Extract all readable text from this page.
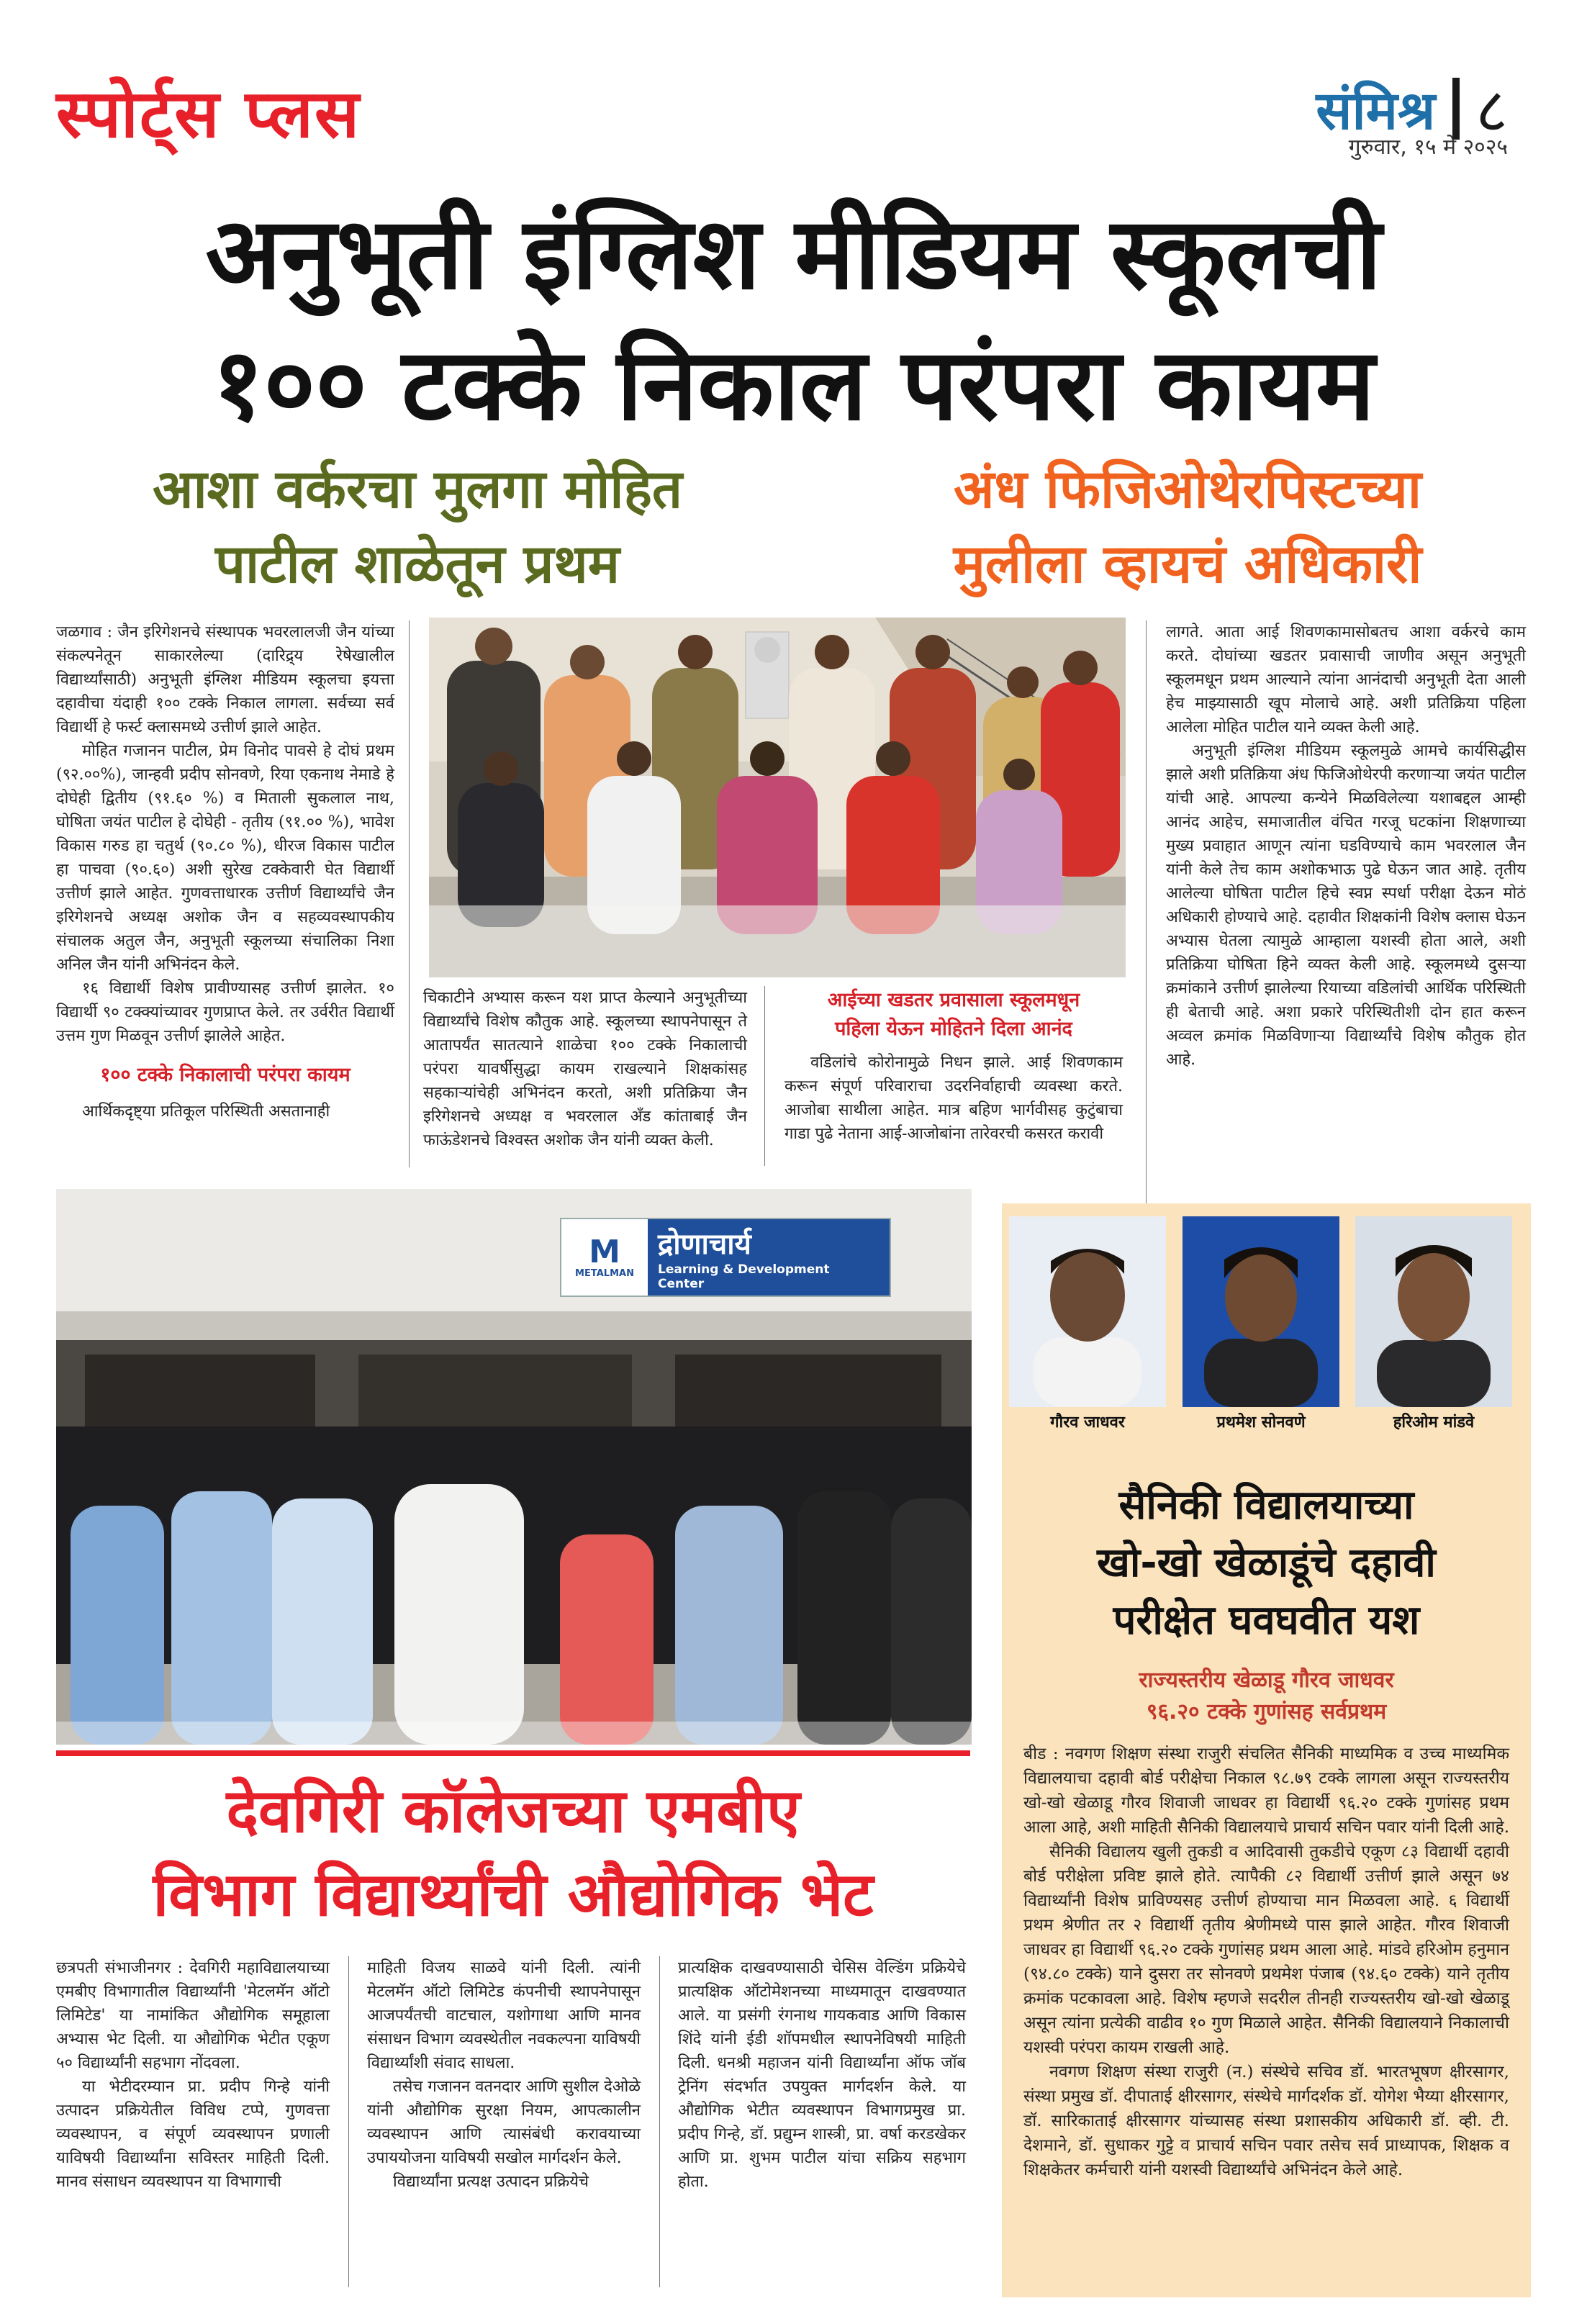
स्पोर्ट्स प्लस	संमिश्र ८
गुरुवार, १५ मे २०२५
अनुभूती इंग्लिश मीडियम स्कूलची
१०० टक्के निकाल परंपरा कायम
आशा वर्करचा मुलगा मोहित
पाटील शाळेतून प्रथम
अंध फिजिओथेरपिस्टच्या
मुलीला व्हायचं अधिकारी

जळगाव : जैन इरिगेशनचे संस्थापक भवरलालजी जैन यांच्या संकल्पनेतून साकारलेल्या (दारिद्र्य रेषेखालील विद्यार्थ्यांसाठी) अनुभूती इंग्लिश मीडियम स्कूलचा इयत्ता दहावीचा यंदाही १०० टक्के निकाल लागला. सर्वच्या सर्व विद्यार्थी हे फर्स्ट क्लासमध्ये उत्तीर्ण झाले आहेत.

मोहित गजानन पाटील, प्रेम विनोद पावसे हे दोघं प्रथम (९२.००%), जान्हवी प्रदीप सोनवणे, रिया एकनाथ नेमाडे हे दोघेही द्वितीय (९१.६० %) व मिताली सुकलाल नाथ, घोषिता जयंत पाटील हे दोघेही - तृतीय (९१.०० %), भावेश विकास गरुड हा चतुर्थ (९०.८० %), धीरज विकास पाटील हा पाचवा (९०.६०) अशी सुरेख टक्केवारी घेत विद्यार्थी उत्तीर्ण झाले आहेत. गुणवत्ताधारक उत्तीर्ण विद्यार्थ्यांचे जैन इरिगेशनचे अध्यक्ष अशोक जैन व सहव्यवस्थापकीय संचालक अतुल जैन, अनुभूती स्कूलच्या संचालिका निशा अनिल जैन यांनी अभिनंदन केले.

१६ विद्यार्थी विशेष प्रावीण्यासह उत्तीर्ण झालेत. १० विद्यार्थी ९० टक्क्यांच्यावर गुणप्राप्त केले. तर उर्वरीत विद्यार्थी उत्तम गुण मिळवून उत्तीर्ण झालेले आहेत.

१०० टक्के निकालाची परंपरा कायम

आर्थिकदृष्ट्या प्रतिकूल परिस्थिती असतानाही

चिकाटीने अभ्यास करून यश प्राप्त केल्याने अनुभूतीच्या विद्यार्थ्यांचे विशेष कौतुक आहे. स्कूलच्या स्थापनेपासून ते आतापर्यंत सातत्याने शाळेचा १०० टक्के निकालाची परंपरा यावर्षीसुद्धा कायम राखल्याने शिक्षकांसह सहकाऱ्यांचेही अभिनंदन करतो, अशी प्रतिक्रिया जैन इरिगेशनचे अध्यक्ष व भवरलाल अँड कांताबाई जैन फाऊंडेशनचे विश्वस्त अशोक जैन यांनी व्यक्त केली.

आईच्या खडतर प्रवासाला स्कूलमधून
पहिला येऊन मोहितने दिला आनंद

वडिलांचे कोरोनामुळे निधन झाले. आई शिवणकाम करून संपूर्ण परिवाराचा उदरनिर्वाहाची व्यवस्था करते. आजोबा साथीला आहेत. मात्र बहिण भार्गवीसह कुटुंबाचा गाडा पुढे नेताना आई-आजोबांना तारेवरची कसरत करावी

लागते. आता आई शिवणकामासोबतच आशा वर्करचे काम करते. दोघांच्या खडतर प्रवासाची जाणीव असून अनुभूती स्कूलमधून प्रथम आल्याने त्यांना आनंदाची अनुभूती देता आली हेच माझ्यासाठी खूप मोलाचे आहे. अशी प्रतिक्रिया पहिला आलेला मोहित पाटील याने व्यक्त केली आहे.

अनुभूती इंग्लिश मीडियम स्कूलमुळे आमचे कार्यसिद्धीस झाले अशी प्रतिक्रिया अंध फिजिओथेरपी करणाऱ्या जयंत पाटील यांची आहे. आपल्या कन्येने मिळविलेल्या यशाबद्दल आम्ही आनंद आहेच, समाजातील वंचित गरजू घटकांना शिक्षणाच्या मुख्य प्रवाहात आणून त्यांना घडविण्याचे काम भवरलाल जैन यांनी केले तेच काम अशोकभाऊ पुढे घेऊन जात आहे. तृतीय आलेल्या घोषिता पाटील हिचे स्वप्न स्पर्धा परीक्षा देऊन मोठं अधिकारी होण्याचे आहे. दहावीत शिक्षकांनी विशेष क्लास घेऊन अभ्यास घेतला त्यामुळे आम्हाला यशस्वी होता आले, अशी प्रतिक्रिया घोषिता हिने व्यक्त केली आहे. स्कूलमध्ये दुसऱ्या क्रमांकाने उत्तीर्ण झालेल्या रियाच्या वडिलांची आर्थिक परिस्थिती ही बेताची आहे. अशा प्रकारे परिस्थितीशी दोन हात करून अव्वल क्रमांक मिळविणाऱ्या विद्यार्थ्यांचे विशेष कौतुक होत आहे.

M
METALMAN
द्रोणाचार्य
Learning & Development Center
गौरव जाधवर	प्रथमेश सोनवणे	हरिओम मांडवे
सैनिकी विद्यालयाच्या
खो-खो खेळाडूंचे दहावी
परीक्षेत घवघवीत यश
राज्यस्तरीय खेळाडू गौरव जाधवर
९६.२० टक्के गुणांसह सर्वप्रथम

बीड : नवगण शिक्षण संस्था राजुरी संचलित सैनिकी माध्यमिक व उच्च माध्यमिक विद्यालयाचा दहावी बोर्ड परीक्षेचा निकाल ९८.७९ टक्के लागला असून राज्यस्तरीय खो-खो खेळाडू गौरव शिवाजी जाधवर हा विद्यार्थी ९६.२० टक्के गुणांसह प्रथम आला आहे, अशी माहिती सैनिकी विद्यालयाचे प्राचार्य सचिन पवार यांनी दिली आहे.

सैनिकी विद्यालय खुली तुकडी व आदिवासी तुकडीचे एकूण ८३ विद्यार्थी दहावी बोर्ड परीक्षेला प्रविष्ट झाले होते. त्यापैकी ८२ विद्यार्थी उत्तीर्ण झाले असून ७४ विद्यार्थ्यांनी विशेष प्राविण्यसह उत्तीर्ण होण्याचा मान मिळवला आहे. ६ विद्यार्थी प्रथम श्रेणीत तर २ विद्यार्थी तृतीय श्रेणीमध्ये पास झाले आहेत. गौरव शिवाजी जाधवर हा विद्यार्थी ९६.२० टक्के गुणांसह प्रथम आला आहे. मांडवे हरिओम हनुमान (९४.८० टक्के) याने दुसरा तर सोनवणे प्रथमेश पंजाब (९४.६० टक्के) याने तृतीय क्रमांक पटकावला आहे. विशेष म्हणजे सदरील तीनही राज्यस्तरीय खो-खो खेळाडू असून त्यांना प्रत्येकी वाढीव १० गुण मिळाले आहेत. सैनिकी विद्यालयाने निकालाची यशस्वी परंपरा कायम राखली आहे.

नवगण शिक्षण संस्था राजुरी (न.) संस्थेचे सचिव डॉ. भारतभूषण क्षीरसागर, संस्था प्रमुख डॉ. दीपाताई क्षीरसागर, संस्थेचे मार्गदर्शक डॉ. योगेश भैय्या क्षीरसागर, डॉ. सारिकाताई क्षीरसागर यांच्यासह संस्था प्रशासकीय अधिकारी डॉ. व्ही. टी. देशमाने, डॉ. सुधाकर गुट्टे व प्राचार्य सचिन पवार तसेच सर्व प्राध्यापक, शिक्षक व शिक्षकेतर कर्मचारी यांनी यशस्वी विद्यार्थ्यांचे अभिनंदन केले आहे.

देवगिरी कॉलेजच्या एमबीए
विभाग विद्यार्थ्यांची औद्योगिक भेट

छत्रपती संभाजीनगर : देवगिरी महाविद्यालयाच्या एमबीए विभागातील विद्यार्थ्यांनी 'मेटलमॅन ऑटो लिमिटेड' या नामांकित औद्योगिक समूहाला अभ्यास भेट दिली. या औद्योगिक भेटीत एकूण ५० विद्यार्थ्यांनी सहभाग नोंदवला.

या भेटीदरम्यान प्रा. प्रदीप गिन्हे यांनी उत्पादन प्रक्रियेतील विविध टप्पे, गुणवत्ता व्यवस्थापन, व संपूर्ण व्यवस्थापन प्रणाली याविषयी विद्यार्थ्यांना सविस्तर माहिती दिली. मानव संसाधन व्यवस्थापन या विभागाची

माहिती विजय साळवे यांनी दिली. त्यांनी मेटलमॅन ऑटो लिमिटेड कंपनीची स्थापनेपासून आजपर्यंतची वाटचाल, यशोगाथा आणि मानव संसाधन विभाग व्यवस्थेतील नवकल्पना याविषयी विद्यार्थ्यांशी संवाद साधला.

तसेच गजानन वतनदार आणि सुशील देओळे यांनी औद्योगिक सुरक्षा नियम, आपत्कालीन व्यवस्थापन आणि त्यासंबंधी करावयाच्या उपाययोजना याविषयी सखोल मार्गदर्शन केले.

विद्यार्थ्यांना प्रत्यक्ष उत्पादन प्रक्रियेचे

प्रात्यक्षिक दाखवण्यासाठी चेसिस वेल्डिंग प्रक्रियेचे प्रात्यक्षिक ऑटोमेशनच्या माध्यमातून दाखवण्यात आले. या प्रसंगी रंगनाथ गायकवाड आणि विकास शिंदे यांनी ईडी शॉपमधील स्थापनेविषयी माहिती दिली. धनश्री महाजन यांनी विद्यार्थ्यांना ऑफ जॉब ट्रेनिंग संदर्भात उपयुक्त मार्गदर्शन केले. या औद्योगिक भेटीत व्यवस्थापन विभागप्रमुख प्रा. प्रदीप गिन्हे, डॉ. प्रद्युम्न शास्त्री, प्रा. वर्षा करडखेकर आणि प्रा. शुभम पाटील यांचा सक्रिय सहभाग होता.
